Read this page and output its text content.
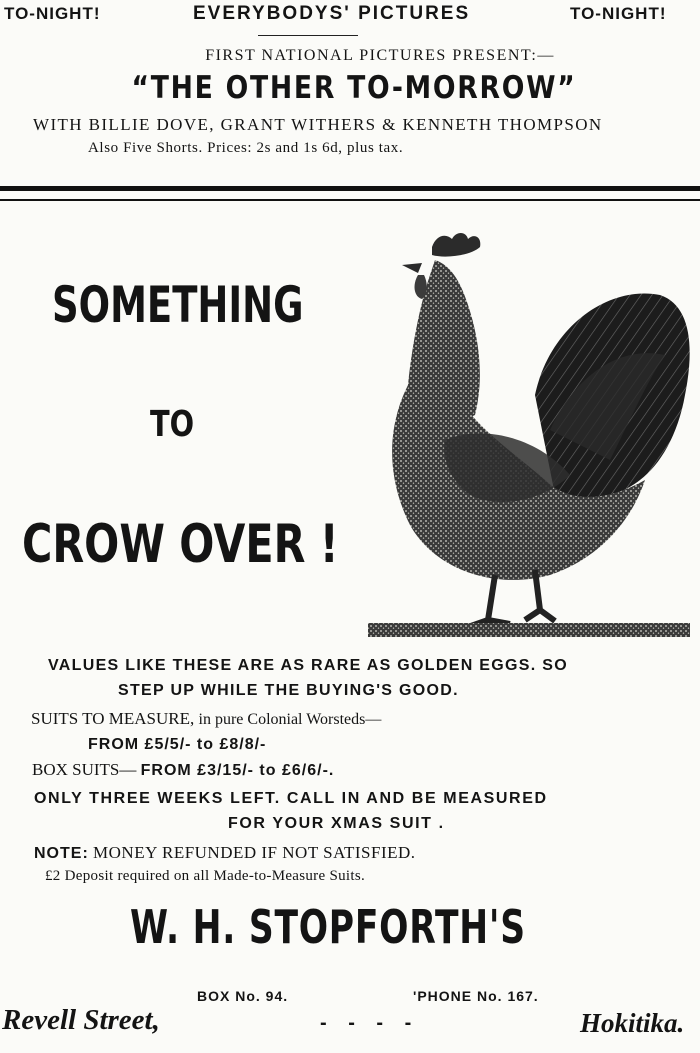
TO-NIGHT!	EVERYBODYS' PICTURES	TO-NIGHT!
FIRST NATIONAL PICTURES PRESENT:—
“THE OTHER TO-MORROW”
WITH BILLIE DOVE, GRANT WITHERS & KENNETH THOMPSON
Also Five Shorts. Prices: 2s and 1s 6d, plus tax.
SOMETHING
TO
CROW OVER !
VALUES LIKE THESE ARE AS RARE AS GOLDEN EGGS. SO
STEP UP WHILE THE BUYING'S GOOD.
SUITS TO MEASURE, in pure Colonial Worsteds—
FROM £5/5/- to £8/8/-
BOX SUITS— FROM £3/15/- to £6/6/-.
ONLY THREE WEEKS LEFT. CALL IN AND BE MEASURED
FOR YOUR XMAS SUIT .
NOTE: MONEY REFUNDED IF NOT SATISFIED.
£2 Deposit required on all Made-to-Measure Suits.
W. H. STOPFORTH'S
BOX No. 94.	'PHONE No. 167.
Revell Street,	- - - -	Hokitika.
